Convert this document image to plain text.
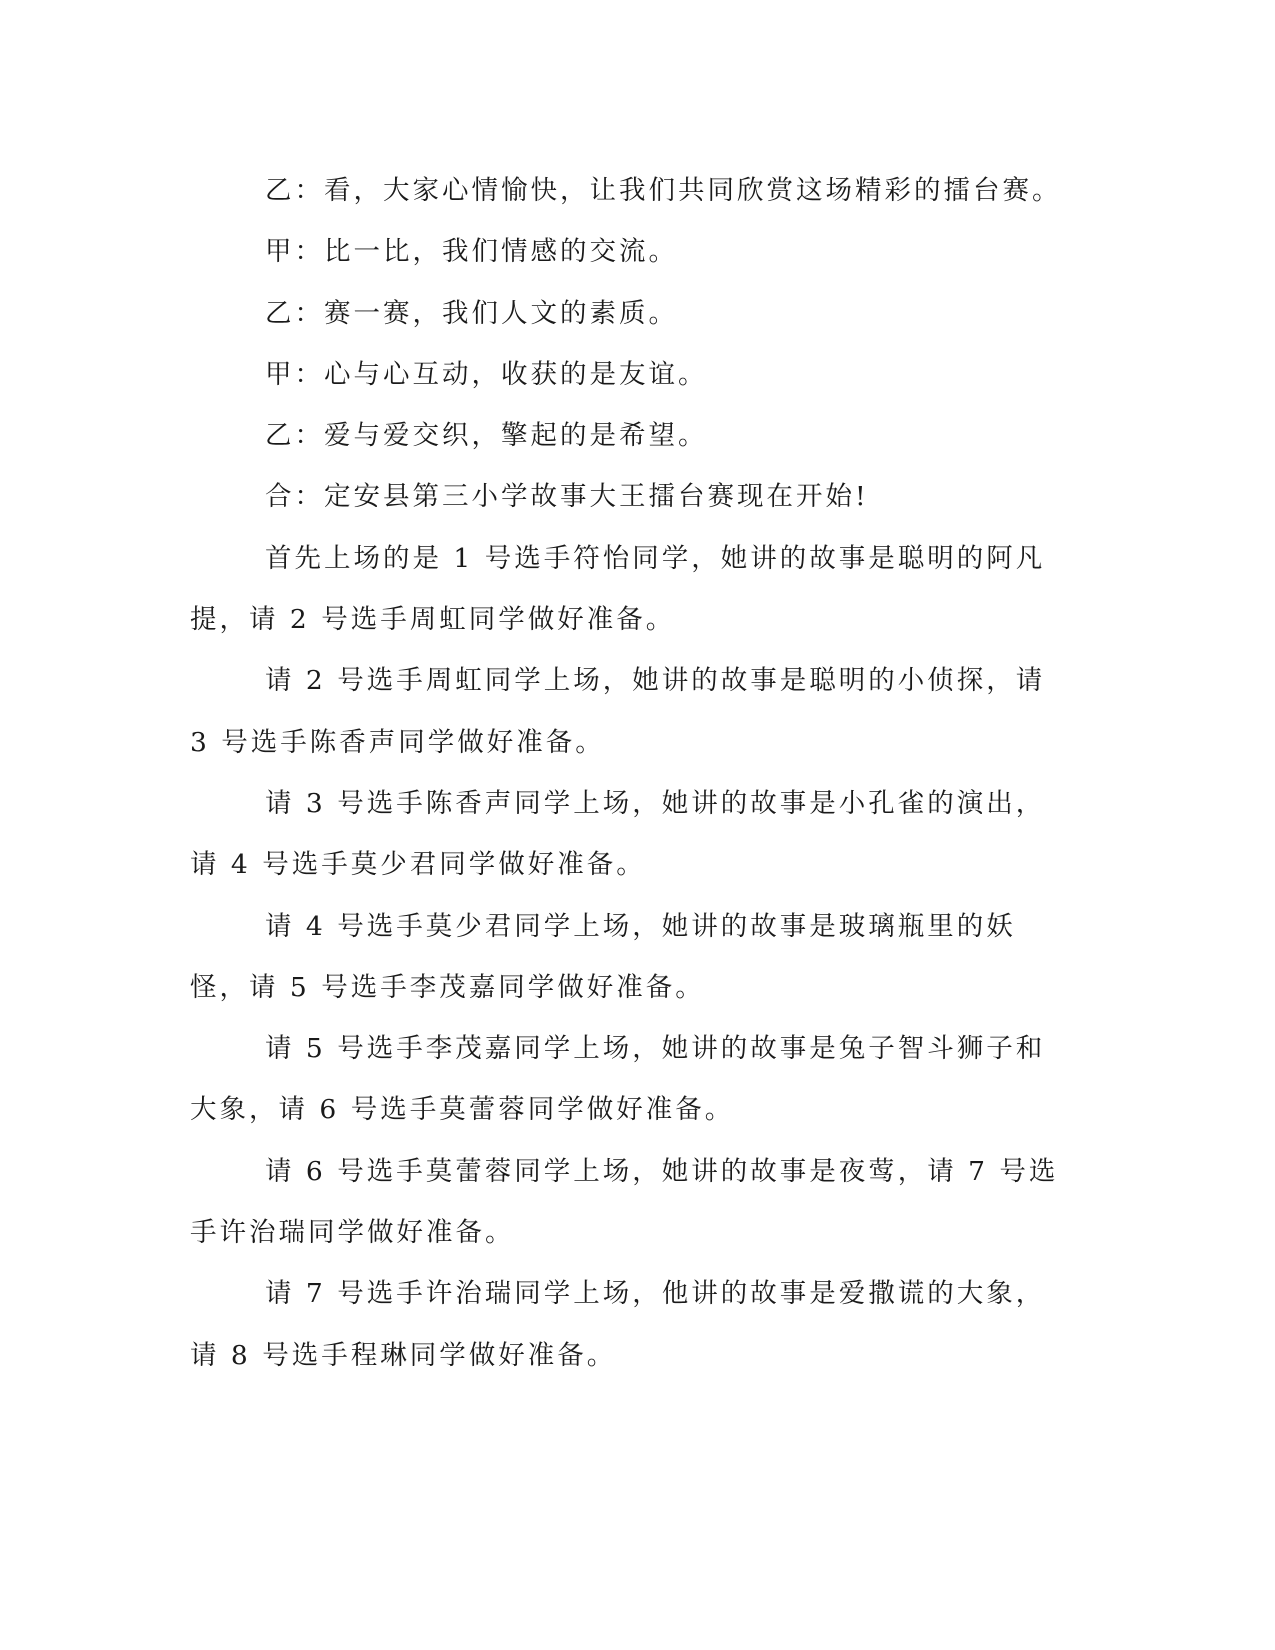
乙：看，大家心情愉快，让我们共同欣赏这场精彩的擂台赛。

甲：比一比，我们情感的交流。

乙：赛一赛，我们人文的素质。

甲：心与心互动，收获的是友谊。

乙：爱与爱交织，擎起的是希望。

合：定安县第三小学故事大王擂台赛现在开始!

首先上场的是 1 号选手符怡同学，她讲的故事是聪明的阿凡提，请 2 号选手周虹同学做好准备。

请 2 号选手周虹同学上场，她讲的故事是聪明的小侦探，请 3 号选手陈香声同学做好准备。

请 3 号选手陈香声同学上场，她讲的故事是小孔雀的演出，请 4 号选手莫少君同学做好准备。

请 4 号选手莫少君同学上场，她讲的故事是玻璃瓶里的妖怪，请 5 号选手李茂嘉同学做好准备。

请 5 号选手李茂嘉同学上场，她讲的故事是兔子智斗狮子和大象，请 6 号选手莫蕾蓉同学做好准备。

请 6 号选手莫蕾蓉同学上场，她讲的故事是夜莺，请 7 号选手许治瑞同学做好准备。

请 7 号选手许治瑞同学上场，他讲的故事是爱撒谎的大象，请 8 号选手程琳同学做好准备。
